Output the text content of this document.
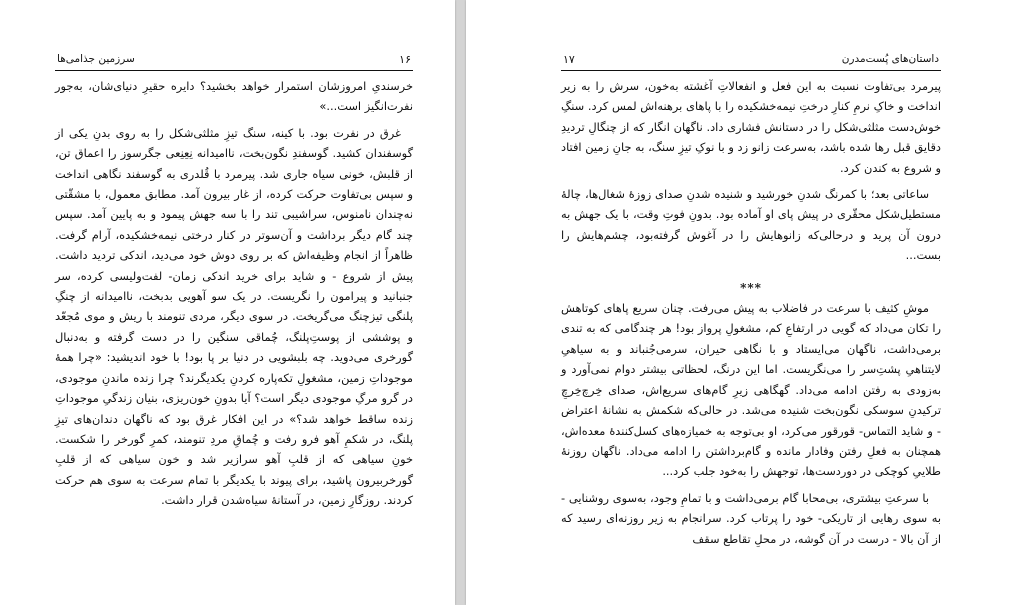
۱۶
سرزمین جذامی‌ها

خرسندیِ امروزشان استمرار خواهد بخشید؟ دایره حقیرِ دنیای‌شان، به‌جور نفرت‌انگیز است...»

غرق در نفرت بود. با کینه، سنگ تیزِ مثلثی‌شکل را به روی بدنِ یکی از گوسفندان کشید. گوسفندِ نگون‌بخت، ناامیدانه نِعِنِعی جگرسوز را اعماق تن، از قلبش، خونی سیاه جاری شد. پیرمرد با قُلدری به گوسفند نگاهی انداخت و سپس بی‌تفاوت حرکت کرده، از غار بیرون آمد. مطابق معمول، با مشقّتی نه‌چندان نامنوس، سراشیبی تند را با سه جهش پیمود و به پایین آمد. سپس چند گام دیگر برداشت و آن‌سوتر در کنار درختی نیمه‌خشکیده، آرام گرفت. ظاهراً از انجام وظیفه‌اش که بر روی دوش خود می‌دید، اندکی تردید داشت. پیش از شروع - و شاید برای خرید اندکی زمان- لفت‌ولیسی کرده، سر جنبانید و پیرامون را نگریست. در یک سو آهویی بدبخت، ناامیدانه از چنگِ پلنگی تیزچنگ می‌گریخت. در سوی دیگر، مردی تنومند با ریش و موی مُجعّد و پوششی از پوستِ‌پلنگ، چُماقی سنگین را در دست گرفته و به‌دنبال گورخری می‌دوید. چه بلبشویی در دنیا بر پا بود! با خود اندیشید: «چرا همهٔ موجوداتِ زمین، مشغولِ تکه‌پاره کردنِ یکدیگرند؟ چرا زنده ماندنِ موجودی، در گرو مرگِ موجودی دیگر است؟ آیا بدونِ خون‌ریزی، بنیان زندگیِ موجوداتِ زنده ساقط خواهد شد؟» در این افکار غرق بود که ناگهان دندان‌های تیزِ پلنگ، در شکمِ آهو فرو رفت و چُماقِ مردِ تنومند، کمرِ گورخر را شکست. خونِ سیاهی که از قلبِ آهو سرازیر شد و خون سیاهی که از قلبِ گورخربیرون پاشید، برای پیوند با یکدیگر با تمام سرعت به سوی هم حرکت کردند. روزگارِ زمین، در آستانهٔ سیاه‌شدن قرار داشت.

۱۷	داستان‌های پُست‌مدرن

پیرمرد بی‌تفاوت نسبت به این فعل و انفعالاتِ آغشته به‌خون، سرش را به زیر انداخت و خاکِ نرمِ کنارِ درختِ نیمه‌خشکیده را با پاهای برهنه‌اش لمس کرد. سنگِ خوش‌دست مثلثی‌شکل را در دستانش فشاری داد. ناگهان انگار که از چنگالِ تردیدِ دقایق قبل رها شده باشد، به‌سرعت زانو زد و با نوکِ تیزِ سنگ، به جانِ زمین افتاد و شروع به کندن کرد.

ساعاتی بعد؛ با کمرنگ شدنِ خورشید و شنیده شدنِ صدای زوزهٔ شغال‌ها، چالهٔ مستطیل‌شکل محقّری در پیش پای او آماده بود. بدونِ فوتِ وقت، با یک جهش به درون آن پرید و درحالی‌که زانوهایش را در آغوش گرفته‌بود، چشم‌هایش را بست...

***

موشِ کثیف با سرعت در فاضلاب به پیش می‌رفت. چنان سریع پاهای کوتاهش را تکان می‌داد که گویی در ارتفاعِ کم، مشغولِ پرواز بود! هر چندگامی که به تندی برمی‌داشت، ناگهان می‌ایستاد و با نگاهی حیران، سرمی‌جُنباند و به سیاهیِ لایتناهیِ پشتِ‌سر را می‌نگریست. اما این درنگ، لحظاتی بیشتر دوام نمی‌آورد و به‌زودی به رفتن ادامه می‌داد. گهگاهی زیرِ گام‌های سریع‌اش، صدای خِرچ‌خِرچِ ترکیدنِ سوسکی نگون‌بخت شنیده می‌شد. در حالی‌که شکمش به نشانهٔ اعتراض - و شاید التماس- قورقور می‌کرد، او بی‌توجه به خمیازه‌های کسل‌کنندهٔ معده‌اش، همچنان به فعلِ رفتن وفادار مانده و گام‌برداشتن را ادامه می‌داد. ناگهان روزنهٔ طلاییِ کوچکی در دوردست‌ها، توجهش را به‌خود جلب کرد...

با سرعتِ بیشتری، بی‌محابا گام برمی‌داشت و با تمامِ وجود، به‌سوی روشنایی - به سوی رهایی از تاریکی- خود را پرتاب کرد. سرانجام به زیر روزنه‌ای رسید که از آن بالا - درست در آن گوشه، در محلِ تقاطع سقف
